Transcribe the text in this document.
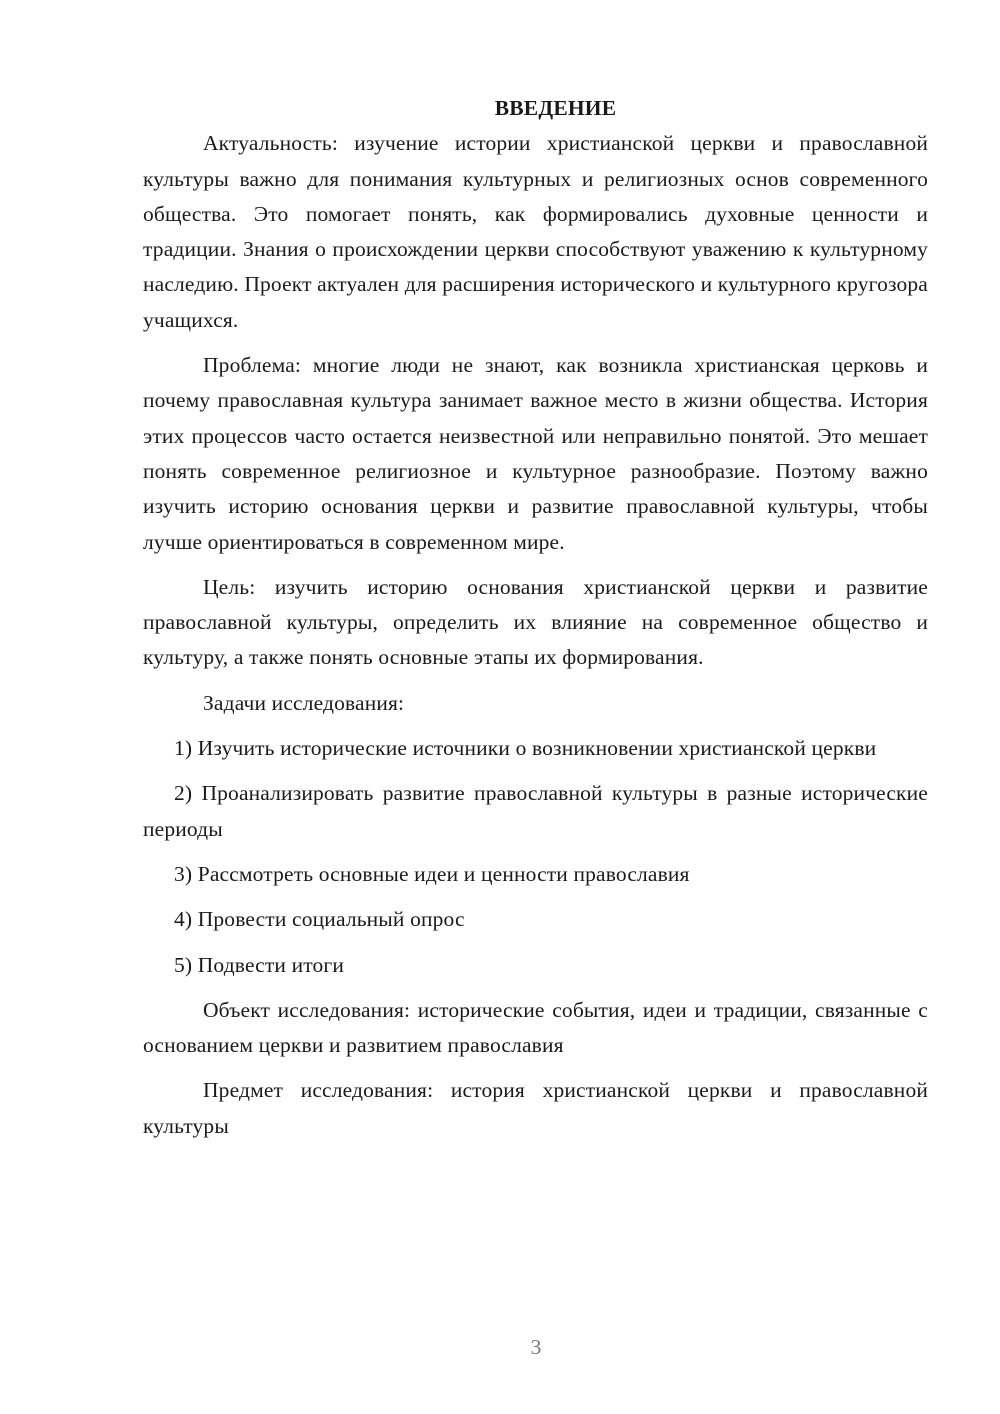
ВВЕДЕНИЕ

Актуальность: изучение истории христианской церкви и православной культуры важно для понимания культурных и религиозных основ современного общества. Это помогает понять, как формировались духовные ценности и традиции. Знания о происхождении церкви способствуют уважению к культурному наследию. Проект актуален для расширения исторического и культурного кругозора учащихся.

Проблема: многие люди не знают, как возникла христианская церковь и почему православная культура занимает важное место в жизни общества. История этих процессов часто остается неизвестной или неправильно понятой. Это мешает понять современное религиозное и культурное разнообразие. Поэтому важно изучить историю основания церкви и развитие православной культуры, чтобы лучше ориентироваться в современном мире.

Цель: изучить историю основания христианской церкви и развитие православной культуры, определить их влияние на современное общество и культуру, а также понять основные этапы их формирования.

Задачи исследования:

1) Изучить исторические источники о возникновении христианской церкви

2) Проанализировать развитие православной культуры в разные исторические периоды

3) Рассмотреть основные идеи и ценности православия

4) Провести социальный опрос

5) Подвести итоги

Объект исследования: исторические события, идеи и традиции, связанные с основанием церкви и развитием православия

Предмет исследования: история христианской церкви и православной культуры

3
